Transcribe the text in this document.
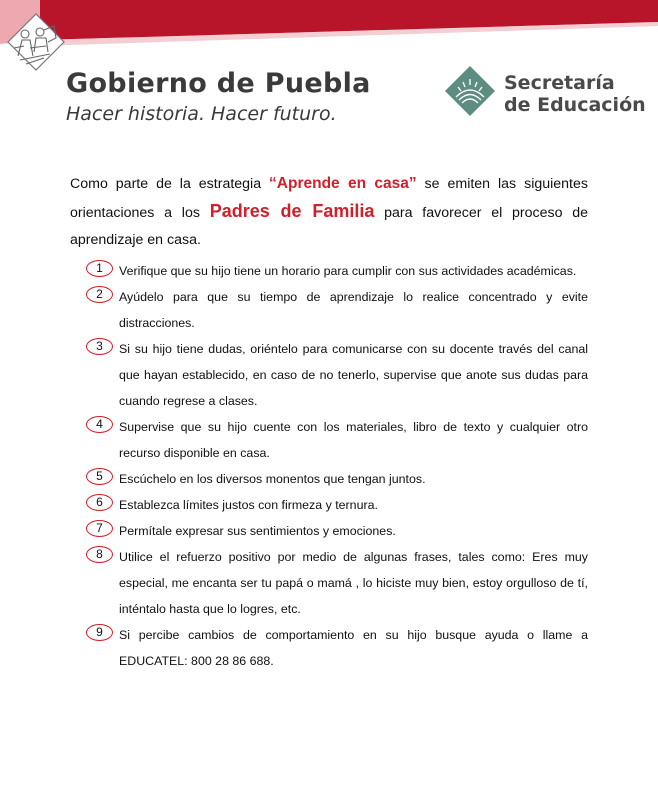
Gobierno de Puebla

Hacer historia. Hacer futuro.

Secretaría
de Educación

Como parte de la estrategia “Aprende en casa” se emiten las siguientes orientaciones a los Padres de Familia para favorecer el proceso de aprendizaje en casa.

1	Verifique que su hijo tiene un horario para cumplir con sus actividades académicas.
2	Ayúdelo para que su tiempo de aprendizaje lo realice concentrado y evite distracciones.
3	Si su hijo tiene dudas, oriéntelo para comunicarse con su docente través del canal que hayan establecido, en caso de no tenerlo, supervise que anote sus dudas para cuando regrese a clases.
4	Supervise que su hijo cuente con los materiales, libro de texto y cualquier otro recurso disponible en casa.
5	Escúchelo en los diversos monentos que tengan juntos.
6	Establezca límites justos con firmeza y ternura.
7	Permítale expresar sus sentimientos y emociones.
8	Utilice el refuerzo positivo por medio de algunas frases, tales como: Eres muy especial, me encanta ser tu papá o mamá , lo hiciste muy bien, estoy orgulloso de tí, inténtalo hasta que lo logres, etc.
9	Si percibe cambios de comportamiento en su hijo busque ayuda o llame a EDUCATEL: 800 28 86 688.
